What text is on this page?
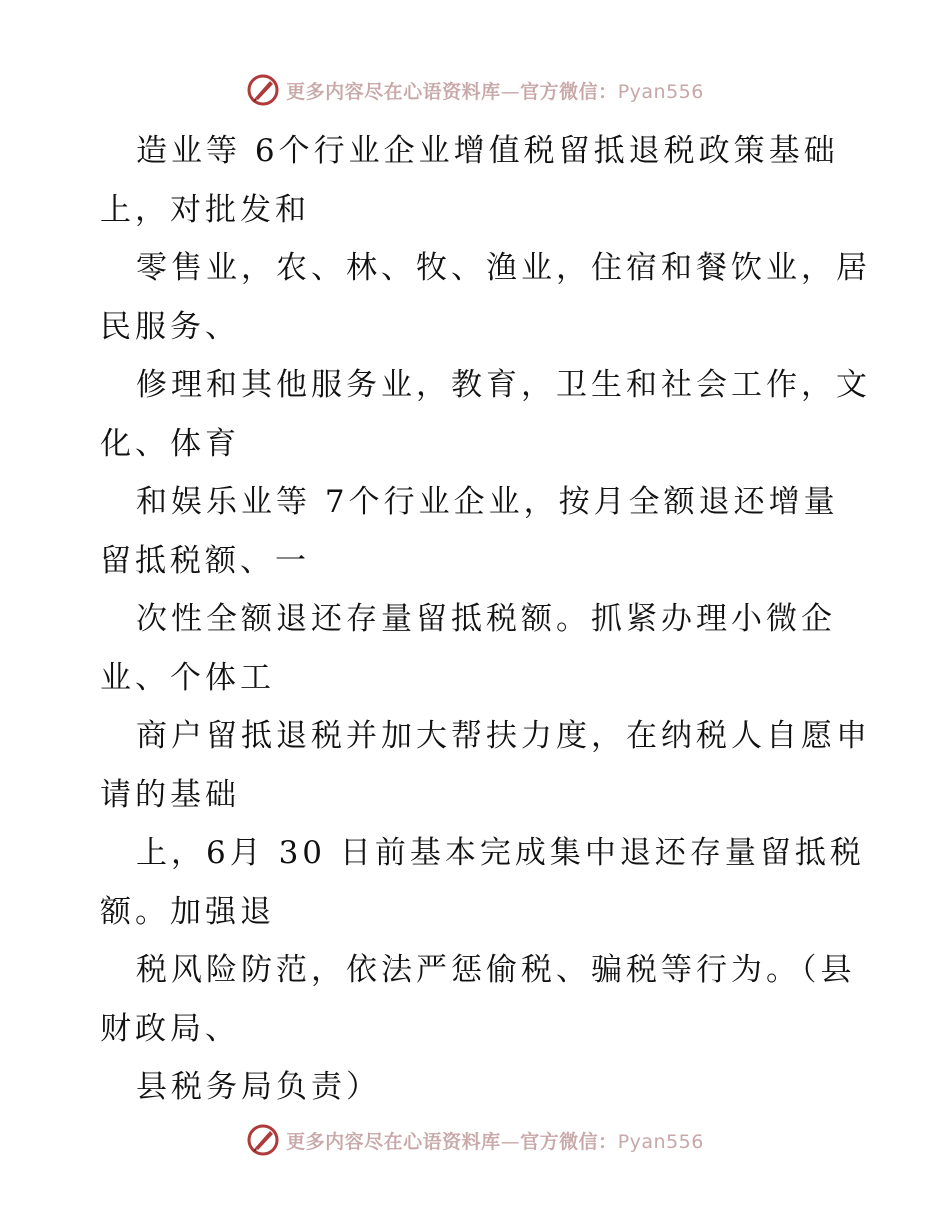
更多内容尽在心语资料库—官方微信：Pyan556
造业等 6个行业企业增值税留抵退税政策基础
上，对批发和
零售业，农、林、牧、渔业，住宿和餐饮业，居
民服务、
修理和其他服务业，教育，卫生和社会工作，文
化、体育
和娱乐业等 7个行业企业，按月全额退还增量
留抵税额、一
次性全额退还存量留抵税额。抓紧办理小微企
业、个体工
商户留抵退税并加大帮扶力度，在纳税人自愿申
请的基础
上，6月 30 日前基本完成集中退还存量留抵税
额。加强退
税风险防范，依法严惩偷税、骗税等行为。（县
财政局、
县税务局负责）
更多内容尽在心语资料库—官方微信：Pyan556
